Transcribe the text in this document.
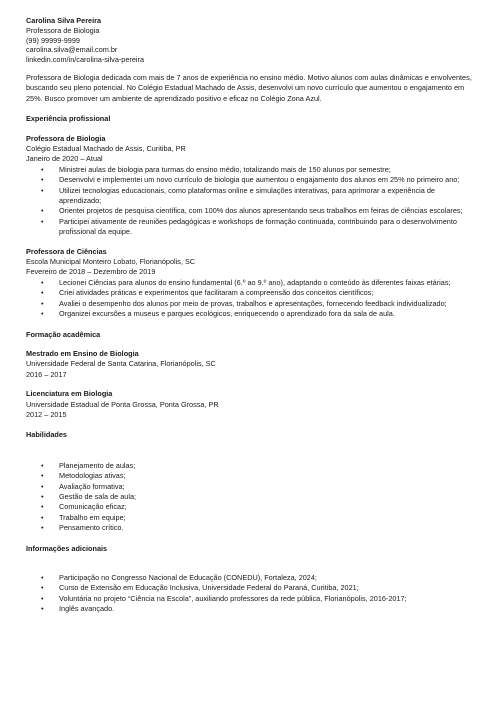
Carolina Silva Pereira
Professora de Biologia
(99) 99999-9999
carolina.silva@email.com.br
linkedin.com/in/carolina-silva-pereira
Professora de Biologia dedicada com mais de 7 anos de experiência no ensino médio. Motivo alunos com aulas dinâmicas e envolventes, buscando seu pleno potencial. No Colégio Estadual Machado de Assis, desenvolvi um novo currículo que aumentou o engajamento em 25%. Busco promover um ambiente de aprendizado positivo e eficaz no Colégio Zona Azul.
Experiência profissional
Professora de Biologia
Colégio Estadual Machado de Assis, Curitiba, PR
Janeiro de 2020 – Atual
• Ministrei aulas de biologia para turmas do ensino médio, totalizando mais de 150 alunos por semestre;
• Desenvolvi e implementei um novo currículo de biologia que aumentou o engajamento dos alunos em 25% no primeiro ano;
• Utilizei tecnologias educacionais, como plataformas online e simulações interativas, para aprimorar a experiência de aprendizado;
• Orientei projetos de pesquisa científica, com 100% dos alunos apresentando seus trabalhos em feiras de ciências escolares;
• Participei ativamente de reuniões pedagógicas e workshops de formação continuada, contribuindo para o desenvolvimento profissional da equipe.
Professora de Ciências
Escola Municipal Monteiro Lobato, Florianópolis, SC
Fevereiro de 2018 – Dezembro de 2019
• Lecionei Ciências para alunos do ensino fundamental (6.º ao 9.º ano), adaptando o conteúdo às diferentes faixas etárias;
• Criei atividades práticas e experimentos que facilitaram a compreensão dos conceitos científicos;
• Avaliei o desempenho dos alunos por meio de provas, trabalhos e apresentações, fornecendo feedback individualizado;
• Organizei excursões a museus e parques ecológicos, enriquecendo o aprendizado fora da sala de aula.
Formação acadêmica
Mestrado em Ensino de Biologia
Universidade Federal de Santa Catarina, Florianópolis, SC
2016 – 2017
Licenciatura em Biologia
Universidade Estadual de Ponta Grossa, Ponta Grossa, PR
2012 – 2015
Habilidades
• Planejamento de aulas;
• Metodologias ativas;
• Avaliação formativa;
• Gestão de sala de aula;
• Comunicação eficaz;
• Trabalho em equipe;
• Pensamento crítico.
Informações adicionais
• Participação no Congresso Nacional de Educação (CONEDU), Fortaleza, 2024;
• Curso de Extensão em Educação Inclusiva, Universidade Federal do Paraná, Curitiba, 2021;
• Voluntária no projeto “Ciência na Escola”, auxiliando professores da rede pública, Florianópolis, 2016-2017;
• Inglês avançado.
